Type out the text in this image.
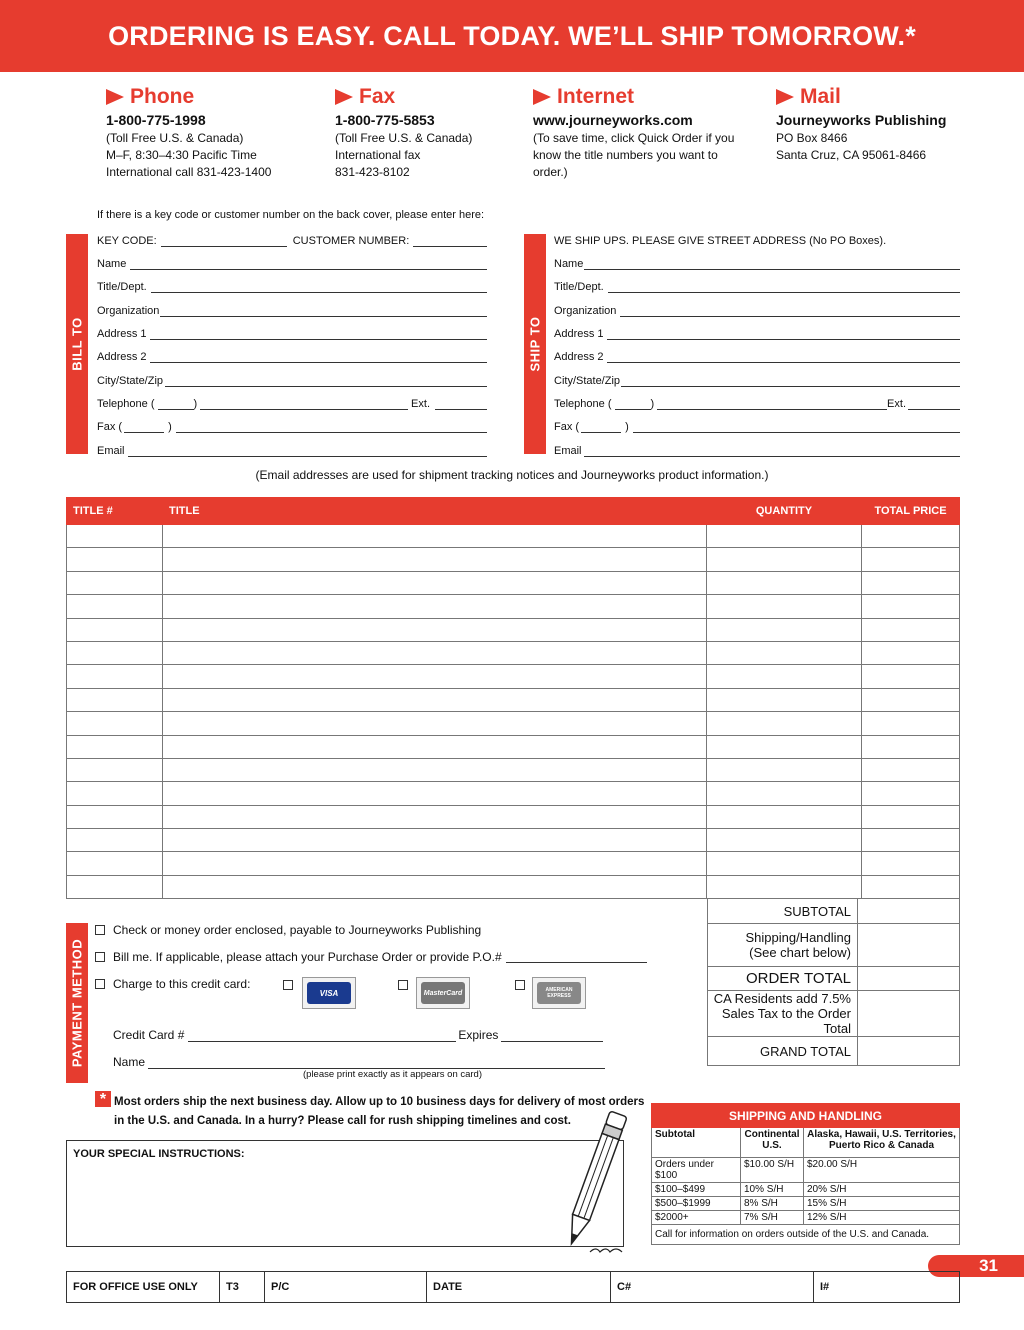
ORDERING IS EASY. CALL TODAY. WE’LL SHIP TOMORROW.*
Phone
1-800-775-1998
(Toll Free U.S. & Canada)
M–F, 8:30–4:30 Pacific Time
International call 831-423-1400
Fax
1-800-775-5853
(Toll Free U.S. & Canada)
International fax
831-423-8102
Internet
www.journeyworks.com
(To save time, click Quick Order if you
know the title numbers you want to
order.)
Mail
Journeyworks Publishing
PO Box 8466
Santa Cruz, CA 95061-8466
If there is a key code or customer number on the back cover, please enter here:
BILL TO
KEY CODE:	CUSTOMER NUMBER:
Name
Title/Dept.
Organization
Address 1
Address 2
City/State/Zip
Telephone (	)	Ext.
Fax (	)
Email
SHIP TO
WE SHIP UPS. PLEASE GIVE STREET ADDRESS (No PO Boxes).
Name
Title/Dept.
Organization
Address 1
Address 2
City/State/Zip
Telephone (	)	Ext.
Fax (	)
Email
(Email addresses are used for shipment tracking notices and Journeyworks product information.)
TITLE #	TITLE	QUANTITY	TOTAL PRICE

SUBTOTAL	

Shipping/Handling
(See chart below)	

ORDER TOTAL	

CA Residents add 7.5%
Sales Tax to the Order Total	

GRAND TOTAL	
PAYMENT METHOD
Check or money order enclosed, payable to Journeyworks Publishing
Bill me. If applicable, please attach your Purchase Order or provide P.O.#
Charge to this credit card:
VISA	MasterCard	AMERICAN EXPRESS
Credit Card #	Expires
Name
(please print exactly as it appears on card)
* Most orders ship the next business day. Allow up to 10 business days for delivery of most orders
in the U.S. and Canada. In a hurry? Please call for rush shipping timelines and cost.
YOUR SPECIAL INSTRUCTIONS:
SHIPPING AND HANDLING		
Subtotal	Continental U.S.	Alaska, Hawaii, U.S. Territories, Puerto Rico & Canada
Orders under $100	$10.00 S/H	$20.00 S/H
$100–$499	10% S/H	20% S/H
$500–$1999	8% S/H	15% S/H
$2000+	7% S/H	12% S/H
Call for information on orders outside of the U.S. and Canada.		
31
FOR OFFICE USE ONLY	T3	P/C	DATE	C#	I#
